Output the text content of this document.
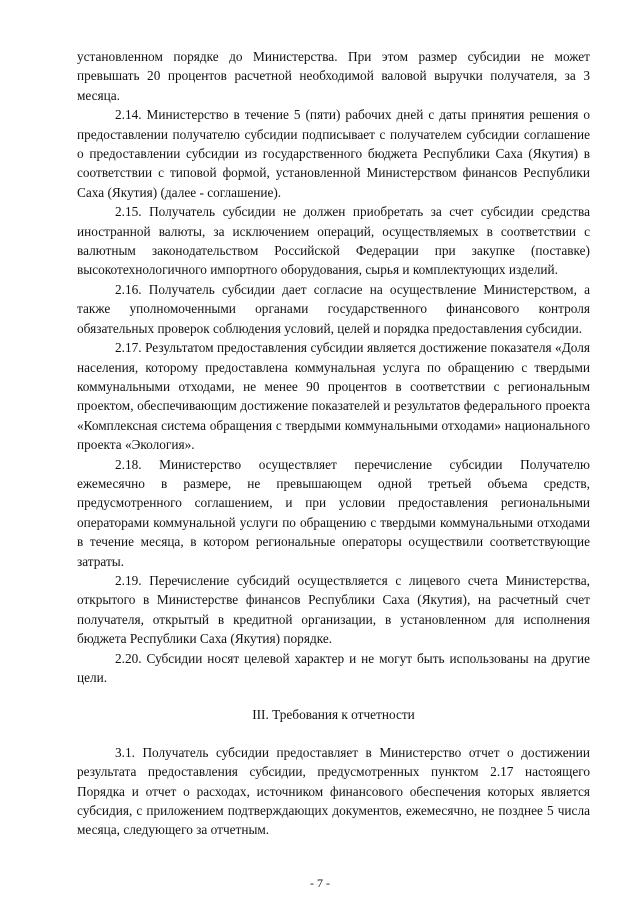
установленном порядке до Министерства. При этом размер субсидии не может превышать 20 процентов расчетной необходимой валовой выручки получателя, за 3 месяца.

2.14. Министерство в течение 5 (пяти) рабочих дней с даты принятия решения о предоставлении получателю субсидии подписывает с получателем субсидии соглашение о предоставлении субсидии из государственного бюджета Республики Саха (Якутия) в соответствии с типовой формой, установленной Министерством финансов Республики Саха (Якутия) (далее - соглашение).

2.15. Получатель субсидии не должен приобретать за счет субсидии средства иностранной валюты, за исключением операций, осуществляемых в соответствии с валютным законодательством Российской Федерации при закупке (поставке) высокотехнологичного импортного оборудования, сырья и комплектующих изделий.

2.16. Получатель субсидии дает согласие на осуществление Министерством, а также уполномоченными органами государственного финансового контроля обязательных проверок соблюдения условий, целей и порядка предоставления субсидии.

2.17. Результатом предоставления субсидии является достижение показателя «Доля населения, которому предоставлена коммунальная услуга по обращению с твердыми коммунальными отходами, не менее 90 процентов в соответствии с региональным проектом, обеспечивающим достижение показателей и результатов федерального проекта «Комплексная система обращения с твердыми коммунальными отходами» национального проекта «Экология».

2.18. Министерство осуществляет перечисление субсидии Получателю ежемесячно в размере, не превышающем одной третьей объема средств, предусмотренного соглашением, и при условии предоставления региональными операторами коммунальной услуги по обращению с твердыми коммунальными отходами в течение месяца, в котором региональные операторы осуществили соответствующие затраты.

2.19. Перечисление субсидий осуществляется с лицевого счета Министерства, открытого в Министерстве финансов Республики Саха (Якутия), на расчетный счет получателя, открытый в кредитной организации, в установленном для исполнения бюджета Республики Саха (Якутия) порядке.

2.20. Субсидии носят целевой характер и не могут быть использованы на другие цели.

III. Требования к отчетности

3.1. Получатель субсидии предоставляет в Министерство отчет о достижении результата предоставления субсидии, предусмотренных пунктом 2.17 настоящего Порядка и отчет о расходах, источником финансового обеспечения которых является субсидия, с приложением подтверждающих документов, ежемесячно, не позднее 5 числа месяца, следующего за отчетным.

- 7 -
